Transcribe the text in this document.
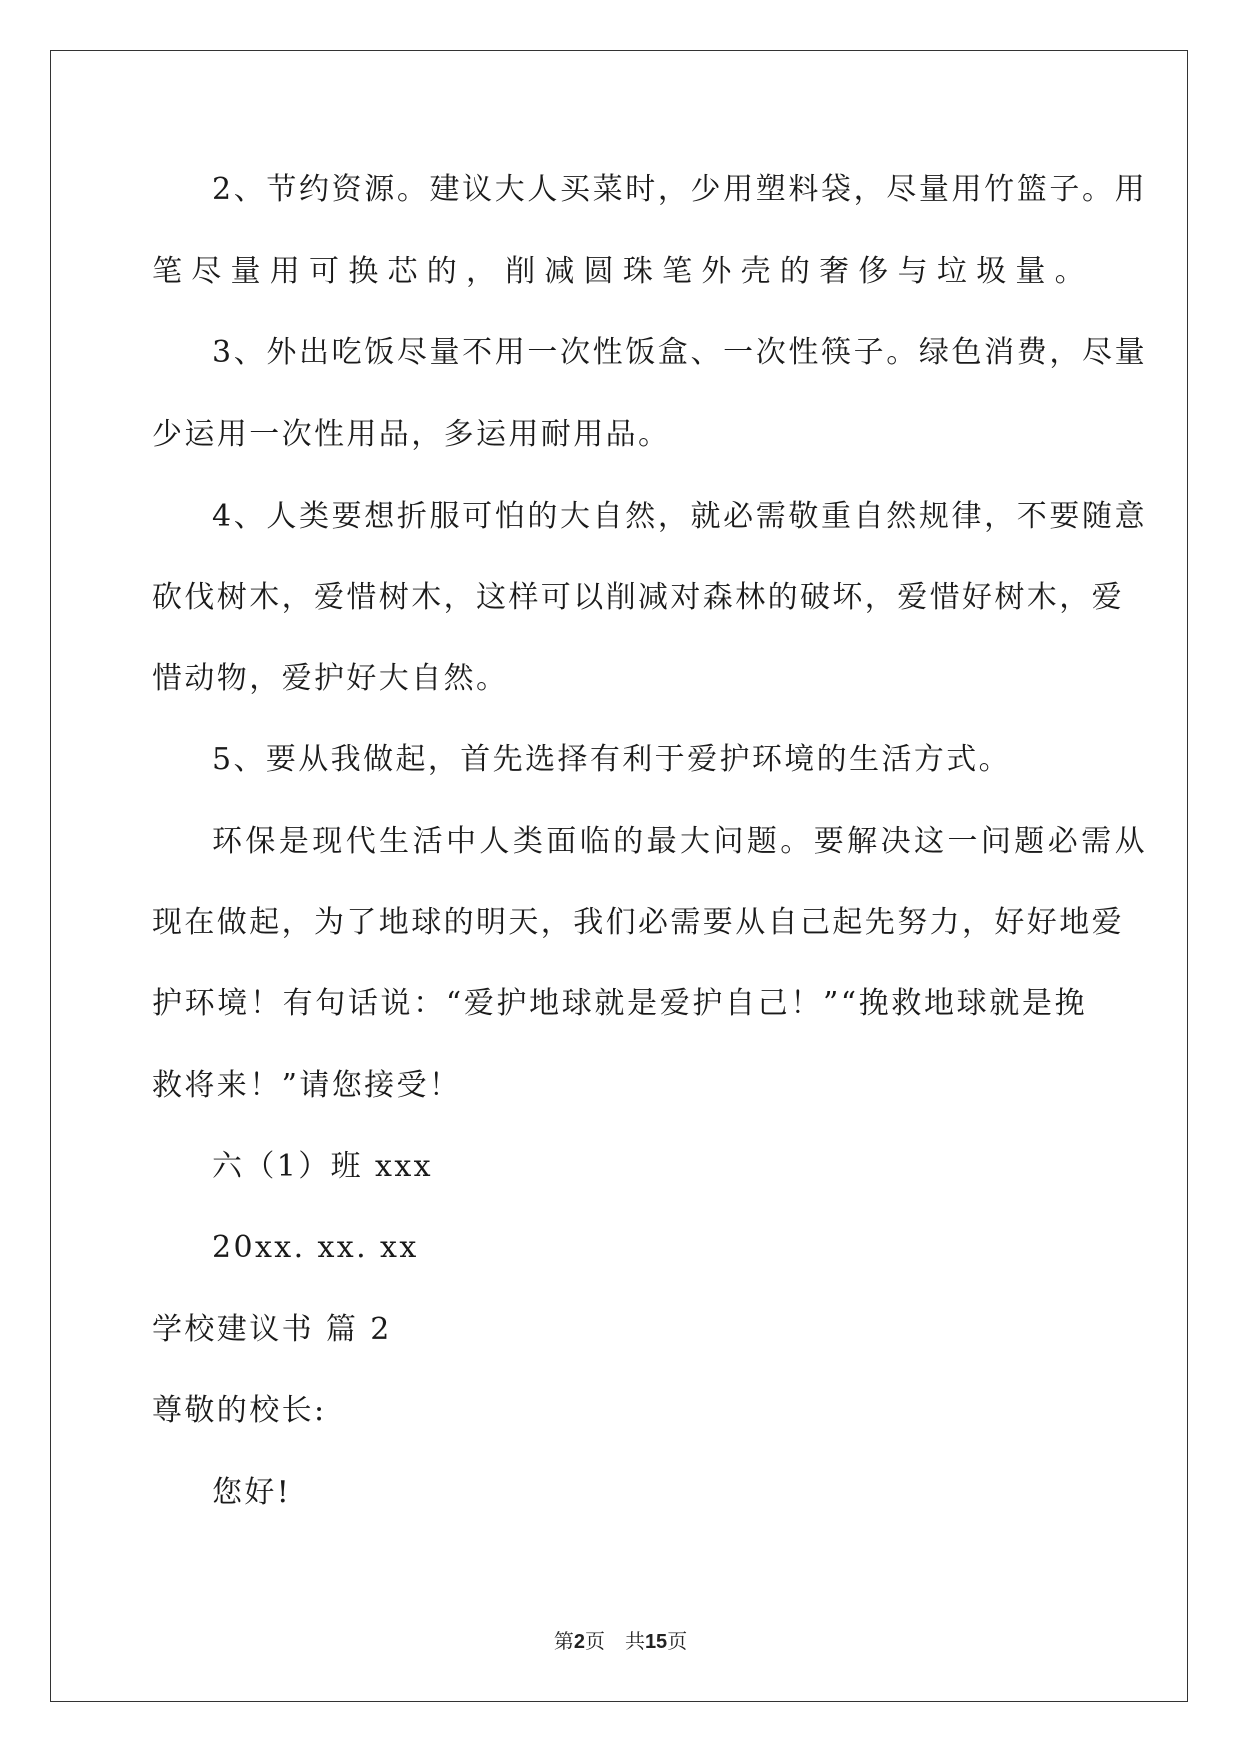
2、节约资源。建议大人买菜时，少用塑料袋，尽量用竹篮子。用
笔尽量用可换芯的，削减圆珠笔外壳的奢侈与垃圾量。
3、外出吃饭尽量不用一次性饭盒、一次性筷子。绿色消费，尽量
少运用一次性用品，多运用耐用品。
4、人类要想折服可怕的大自然，就必需敬重自然规律，不要随意
砍伐树木，爱惜树木，这样可以削减对森林的破坏，爱惜好树木，爱
惜动物，爱护好大自然。
5、要从我做起，首先选择有利于爱护环境的生活方式。
环保是现代生活中人类面临的最大问题。要解决这一问题必需从
现在做起，为了地球的明天，我们必需要从自己起先努力，好好地爱
护环境！有句话说：“爱护地球就是爱护自己！”“挽救地球就是挽
救将来！”请您接受！
六（1）班 xxx
20xx. xx. xx
学校建议书 篇 2
尊敬的校长:
您好!
第2页 共15页
